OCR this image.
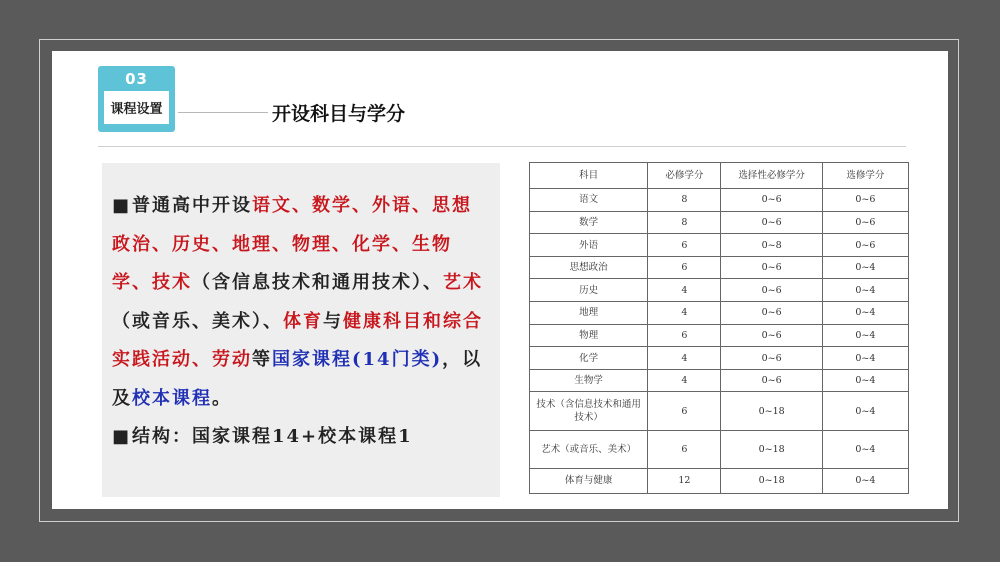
03
课程设置	开设科目与学分

■普通高中开设语文、数学、外语、思想政治、历史、地理、物理、化学、生物学、技术（含信息技术和通用技术）、艺术（或音乐、美术）、体育与健康科目和综合实践活动、劳动等国家课程(14门类)，以及校本课程。

■结构：国家课程14+校本课程1

科目	必修学分	选择性必修学分	选修学分
语文	8	0~6	0~6
数学	8	0~6	0~6
外语	6	0~8	0~6
思想政治	6	0~6	0~4
历史	4	0~6	0~4
地理	4	0~6	0~4
物理	6	0~6	0~4
化学	4	0~6	0~4
生物学	4	0~6	0~4
技术（含信息技术和通用技术）	6	0~18	0~4
艺术（或音乐、美术）	6	0~18	0~4
体育与健康	12	0~18	0~4
